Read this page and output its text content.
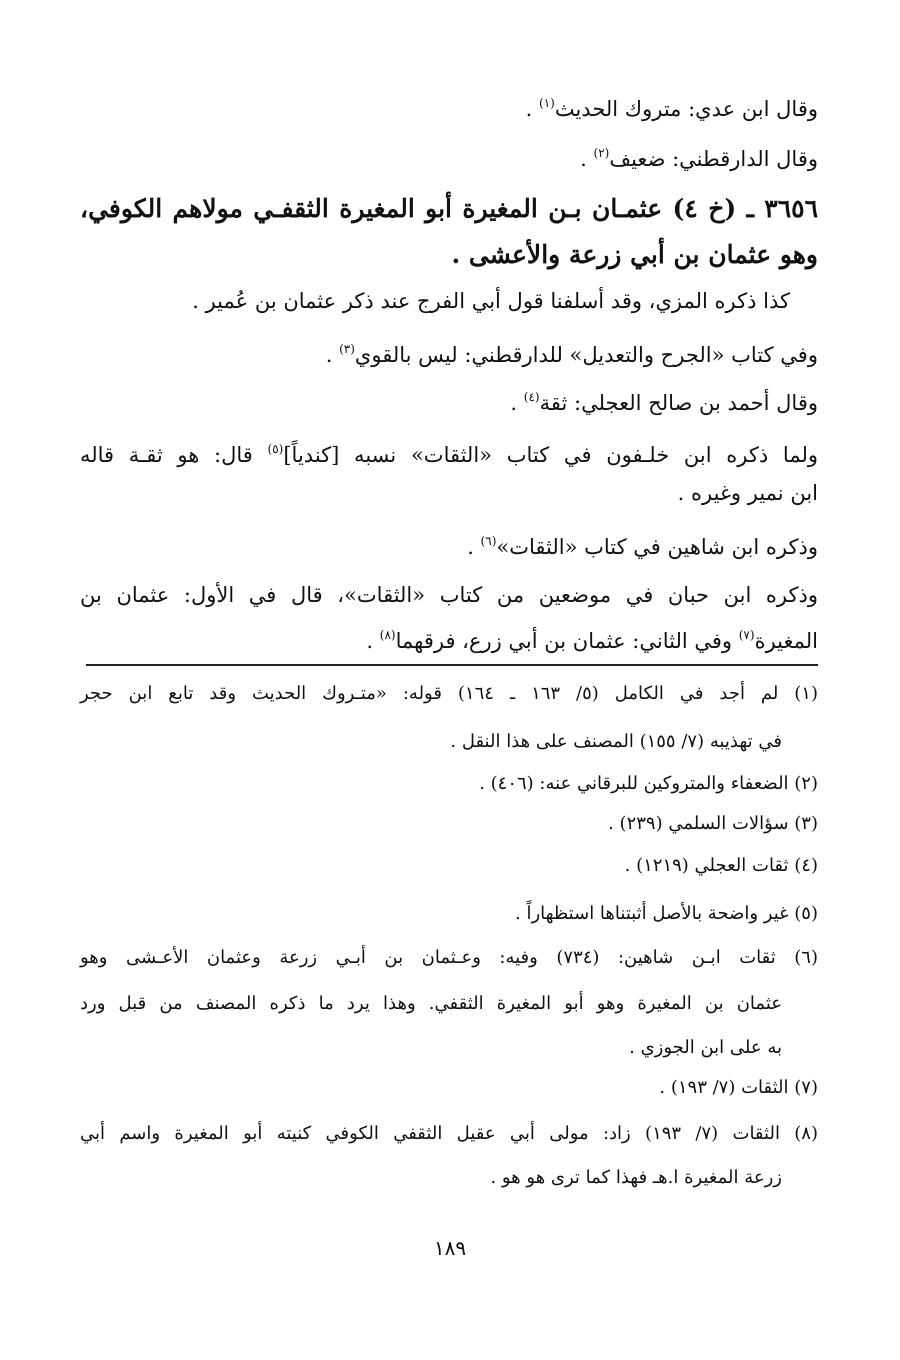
وقال ابن عدي: متروك الحديث$^{(١)}$ .
وقال الدارقطني: ضعيف$^{(٢)}$ .
٣٦٥٦ ـ (خ ٤) عثمـان بـن المغيرة أبو المغيرة الثقفـي مولاهم الكوفي،
وهو عثمان بن أبي زرعة والأعشى .
كذا ذكره المزي، وقد أسلفنا قول أبي الفرج عند ذكر عثمان بن عُمير .
وفي كتاب «الجرح والتعديل» للدارقطني: ليس بالقوي$^{(٣)}$ .
وقال أحمد بن صالح العجلي: ثقة$^{(٤)}$ .
ولما ذكره ابن خلـفون في كتاب «الثقات» نسبه [كندياً]$^{(٥)}$ قال: هو ثقـة قاله
ابن نمير وغيره .
وذكره ابن شاهين في كتاب «الثقات»$^{(٦)}$ .
وذكره ابن حبان في موضعين من كتاب «الثقات»، قال في الأول: عثمان بن
المغيرة$^{(٧)}$ وفي الثاني: عثمان بن أبي زرع، فرقهما$^{(٨)}$ .
(١) لم أجد في الكامل (٥/ ١٦٣ ـ ١٦٤) قوله: «متـروك الحديث وقد تابع ابن حجر
في تهذيبه (٧/ ١٥٥) المصنف على هذا النقل .
(٢) الضعفاء والمتروكين للبرقاني عنه: (٤٠٦) .
(٣) سؤالات السلمي (٢٣٩) .
(٤) ثقات العجلي (١٢١٩) .
(٥) غير واضحة بالأصل أثبتناها استظهاراً .
(٦) ثقات ابـن شاهين: (٧٣٤) وفيه: وعـثمان بن أبـي زرعة وعثمان الأعـشى وهو
عثمان بن المغيرة وهو أبو المغيرة الثقفي. وهذا يرد ما ذكره المصنف من قبل ورد
به على ابن الجوزي .
(٧) الثقات (٧/ ١٩٣) .
(٨) الثقات (٧/ ١٩٣) زاد: مولى أبي عقيل الثقفي الكوفي كنيته أبو المغيرة واسم أبي
زرعة المغيرة ا.هـ فهذا كما ترى هو هو .
١٨٩
